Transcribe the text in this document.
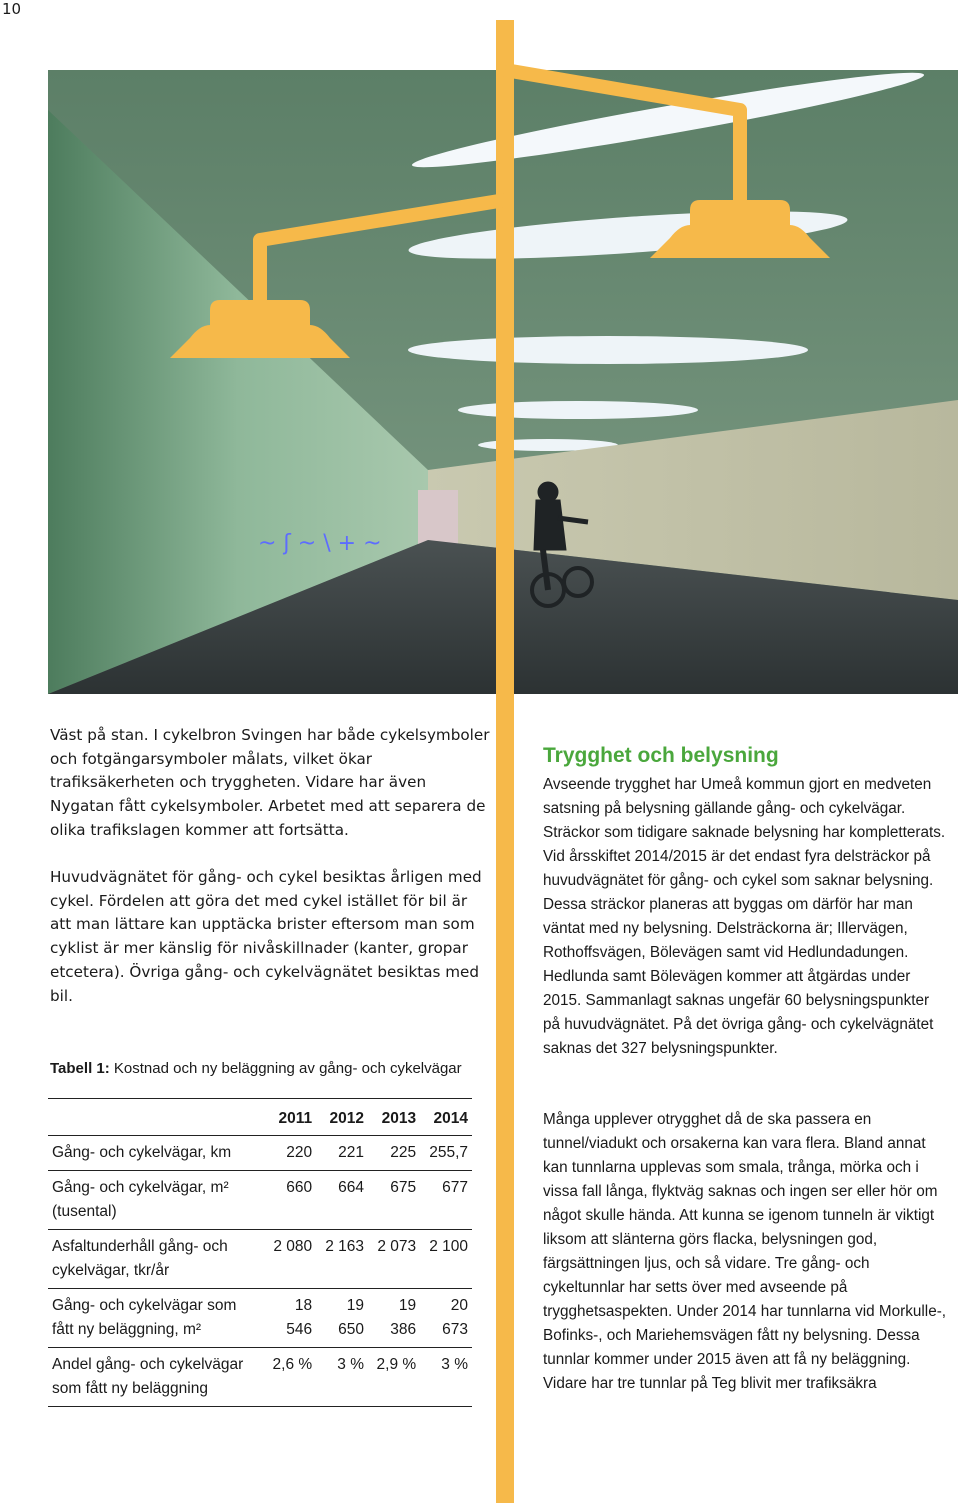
10
~ ʃ ~ \ + ~

Väst på stan. I cykelbron Svingen har både cykelsymboler och fotgängarsymboler målats, vilket ökar trafiksäkerheten och tryggheten. Vidare har även Nygatan fått cykelsymboler. Arbetet med att separera de olika trafikslagen kommer att fortsätta.

Huvudvägnätet för gång- och cykel besiktas årligen med cykel. Fördelen att göra det med cykel istället för bil är att man lättare kan upptäcka brister eftersom man som cyklist är mer känslig för nivåskillnader (kanter, gropar etcetera). Övriga gång- och cykelvägnätet besiktas med bil.

Tabell 1: Kostnad och ny beläggning av gång- och cykelvägar
	2011	2012	2013	2014
Gång- och cykelvägar, km	220	221	225	255,7
Gång- och cykelvägar, m² (tusental)	660	664	675	677
Asfaltunderhåll gång- och cykelvägar, tkr/år	2 080	2 163	2 073	2 100
Gång- och cykelvägar som fått ny beläggning, m²	18 546	19 650	19 386	20 673
Andel gång- och cykelvägar som fått ny beläggning	2,6 %	3 %	2,9 %	3 %
Trygghet och belysning

Avseende trygghet har Umeå kommun gjort en medveten satsning på belysning gällande gång- och cykelvägar. Sträckor som tidigare saknade belysning har kompletterats. Vid årsskiftet 2014/2015 är det endast fyra delsträckor på huvudvägnätet för gång- och cykel som saknar belysning. Dessa sträckor planeras att byggas om därför har man väntat med ny belysning. Delsträckorna är; Illervägen, Rothoffsvägen, Bölevägen samt vid Hedlundadungen. Hedlunda samt Bölevägen kommer att åtgärdas under 2015. Sammanlagt saknas ungefär 60 belysningspunkter på huvudvägnätet. På det övriga gång- och cykelvägnätet saknas det 327 belysningspunkter.

Många upplever otrygghet då de ska passera en tunnel/viadukt och orsakerna kan vara flera. Bland annat kan tunnlarna upplevas som smala, trånga, mörka och i vissa fall långa, flyktväg saknas och ingen ser eller hör om något skulle hända. Att kunna se igenom tunneln är viktigt liksom att slänterna görs flacka, belysningen god, färgsättningen ljus, och så vidare. Tre gång- och cykeltunnlar har setts över med avseende på trygghetsaspekten. Under 2014 har tunnlarna vid Morkulle-, Bofinks-, och Mariehemsvägen fått ny belysning. Dessa tunnlar kommer under 2015 även att få ny beläggning. Vidare har tre tunnlar på Teg blivit mer trafiksäkra
